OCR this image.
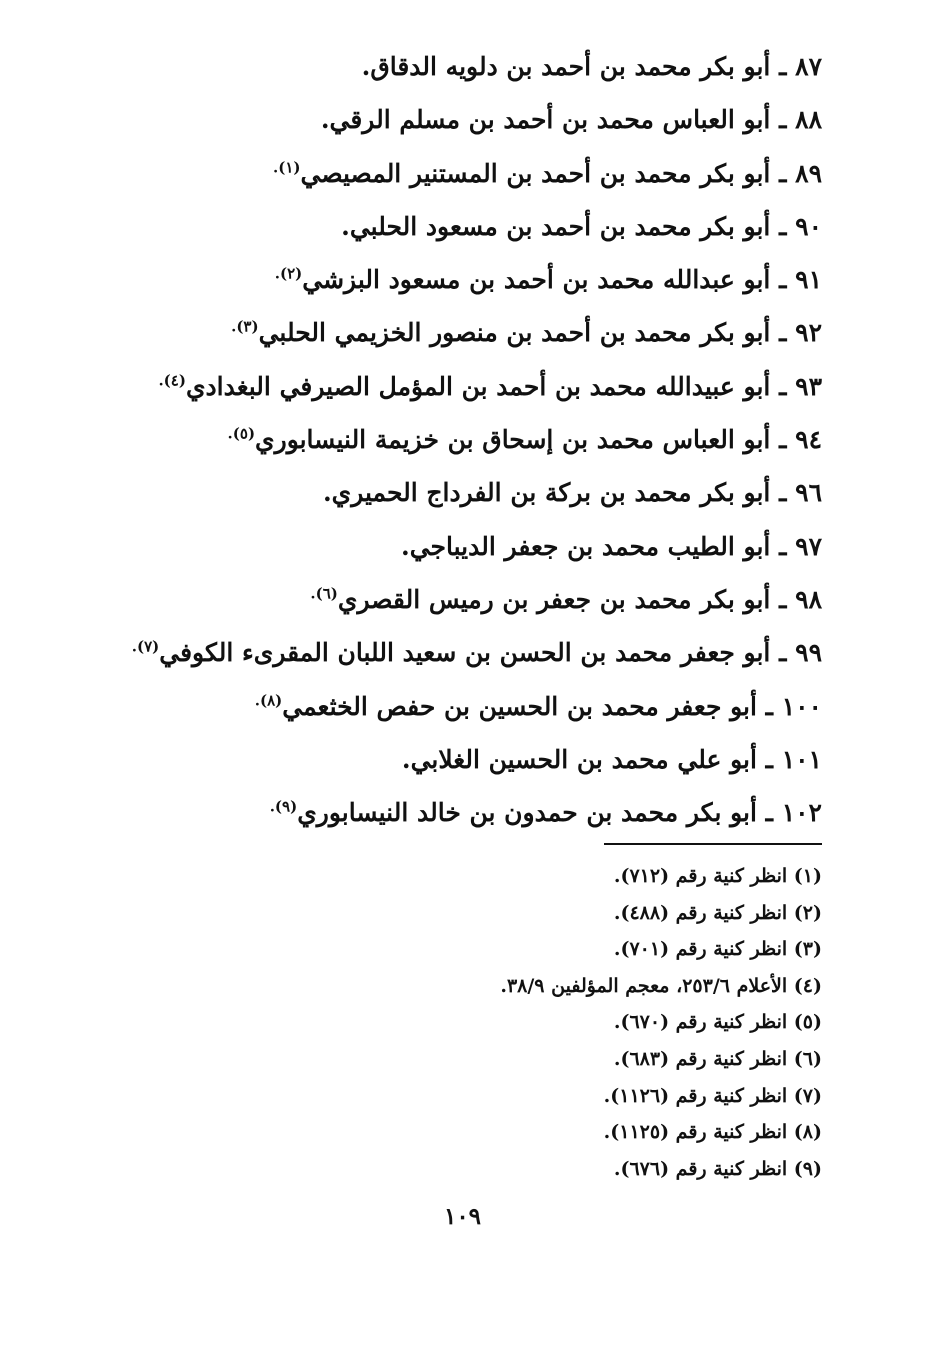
٨٧ ـ أبو بكر محمد بن أحمد بن دلويه الدقاق.
٨٨ ـ أبو العباس محمد بن أحمد بن مسلم الرقي.
٨٩ ـ أبو بكر محمد بن أحمد بن المستنير المصيصي$^{(١).}$
٩٠ ـ أبو بكر محمد بن أحمد بن مسعود الحلبي.
٩١ ـ أبو عبدالله محمد بن أحمد بن مسعود البزشي$^{(٢).}$
٩٢ ـ أبو بكر محمد بن أحمد بن منصور الخزيمي الحلبي$^{(٣).}$
٩٣ ـ أبو عبيدالله محمد بن أحمد بن المؤمل الصيرفي البغدادي$^{(٤).}$
٩٤ ـ أبو العباس محمد بن إسحاق بن خزيمة النيسابوري$^{(٥).}$
٩٦ ـ أبو بكر محمد بن بركة بن الفرداج الحميري.
٩٧ ـ أبو الطيب محمد بن جعفر الديباجي.
٩٨ ـ أبو بكر محمد بن جعفر بن رميس القصري$^{(٦).}$
٩٩ ـ أبو جعفر محمد بن الحسن بن سعيد اللبان المقرىء الكوفي$^{(٧).}$
١٠٠ ـ أبو جعفر محمد بن الحسين بن حفص الخثعمي$^{(٨).}$
١٠١ ـ أبو علي محمد بن الحسين الغلابي.
١٠٢ ـ أبو بكر محمد بن حمدون بن خالد النيسابوري$^{(٩).}$
(١) انظر كنية رقم (٧١٢).
(٢) انظر كنية رقم (٤٨٨).
(٣) انظر كنية رقم (٧٠١).
(٤) الأعلام ٢٥٣/٦، معجم المؤلفين ٣٨/٩.
(٥) انظر كنية رقم (٦٧٠).
(٦) انظر كنية رقم (٦٨٣).
(٧) انظر كنية رقم (١١٢٦).
(٨) انظر كنية رقم (١١٢٥).
(٩) انظر كنية رقم (٦٧٦).
١٠٩
